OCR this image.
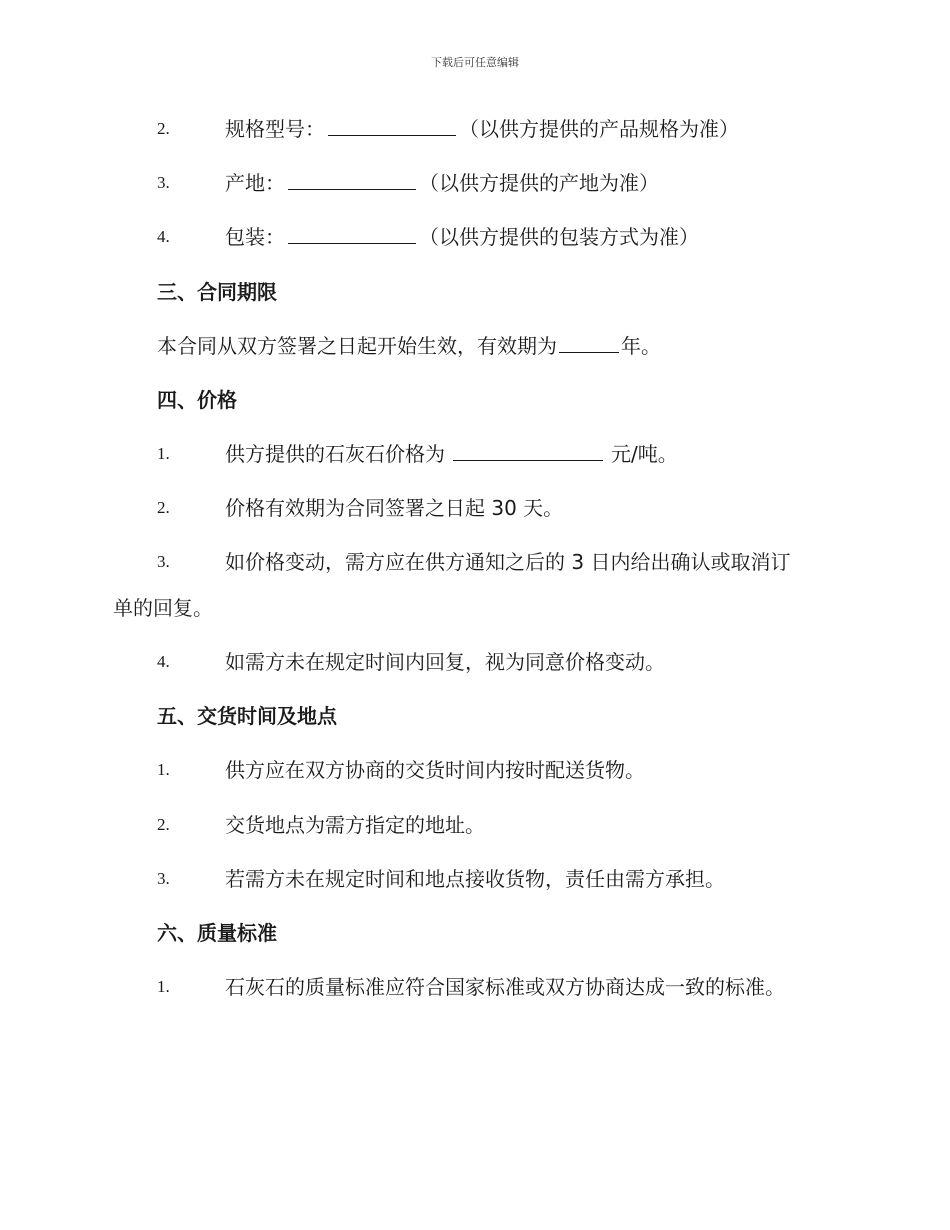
下载后可任意编辑
2.	规格型号：	（以供方提供的产品规格为准）
3.	产地：	（以供方提供的产地为准）
4.	包装：	（以供方提供的包装方式为准）
三、合同期限
本合同从双方签署之日起开始生效，有效期为	年。
四、价格
1.	供方提供的石灰石价格为	元/吨。
2.	价格有效期为合同签署之日起 30 天。
3.	如价格变动，需方应在供方通知之后的 3 日内给出确认或取消订
单的回复。
4.	如需方未在规定时间内回复，视为同意价格变动。
五、交货时间及地点
1.	供方应在双方协商的交货时间内按时配送货物。
2.	交货地点为需方指定的地址。
3.	若需方未在规定时间和地点接收货物，责任由需方承担。
六、质量标准
1.	石灰石的质量标准应符合国家标准或双方协商达成一致的标准。
